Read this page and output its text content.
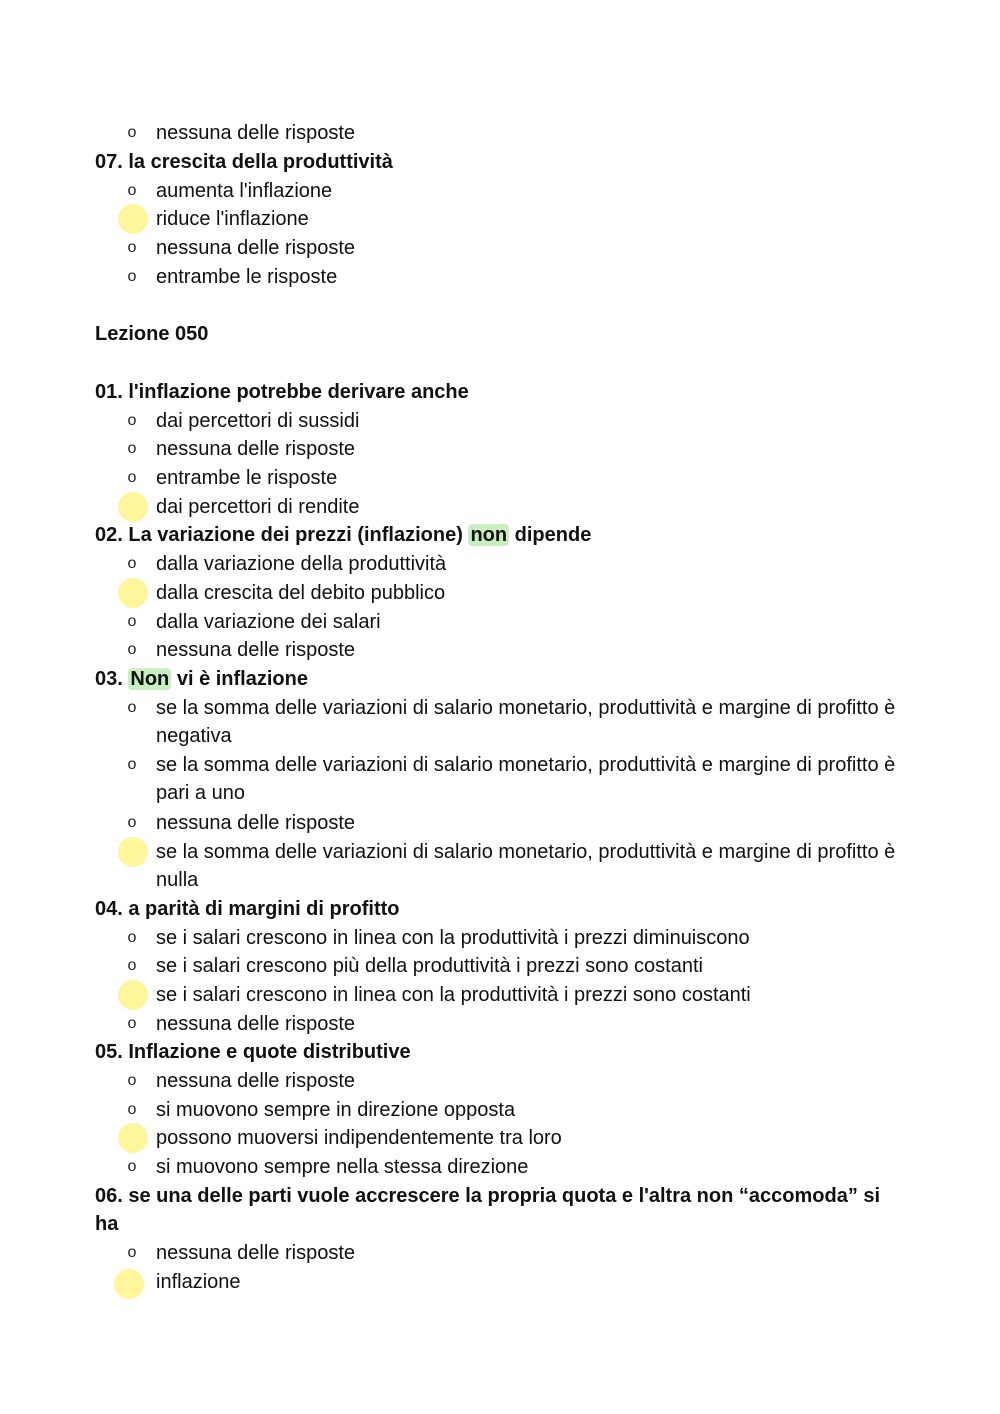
o nessuna delle risposte
07. la crescita della produttività
o aumenta l'inflazione
riduce l'inflazione
o nessuna delle risposte
o entrambe le risposte
Lezione 050
01. l'inflazione potrebbe derivare anche
o dai percettori di sussidi
o nessuna delle risposte
o entrambe le risposte
dai percettori di rendite
02. La variazione dei prezzi (inflazione) non dipende
o dalla variazione della produttività
dalla crescita del debito pubblico
o dalla variazione dei salari
o nessuna delle risposte
03. Non vi è inflazione
o se la somma delle variazioni di salario monetario, produttività e margine di profitto è negativa
o se la somma delle variazioni di salario monetario, produttività e margine di profitto è pari a uno
o nessuna delle risposte
se la somma delle variazioni di salario monetario, produttività e margine di profitto è nulla
04. a parità di margini di profitto
o se i salari crescono in linea con la produttività i prezzi diminuiscono
o se i salari crescono più della produttività i prezzi sono costanti
se i salari crescono in linea con la produttività i prezzi sono costanti
o nessuna delle risposte
05. Inflazione e quote distributive
o nessuna delle risposte
o si muovono sempre in direzione opposta
possono muoversi indipendentemente tra loro
o si muovono sempre nella stessa direzione
06. se una delle parti vuole accrescere la propria quota e l'altra non “accomoda” si ha
o nessuna delle risposte
inflazione
